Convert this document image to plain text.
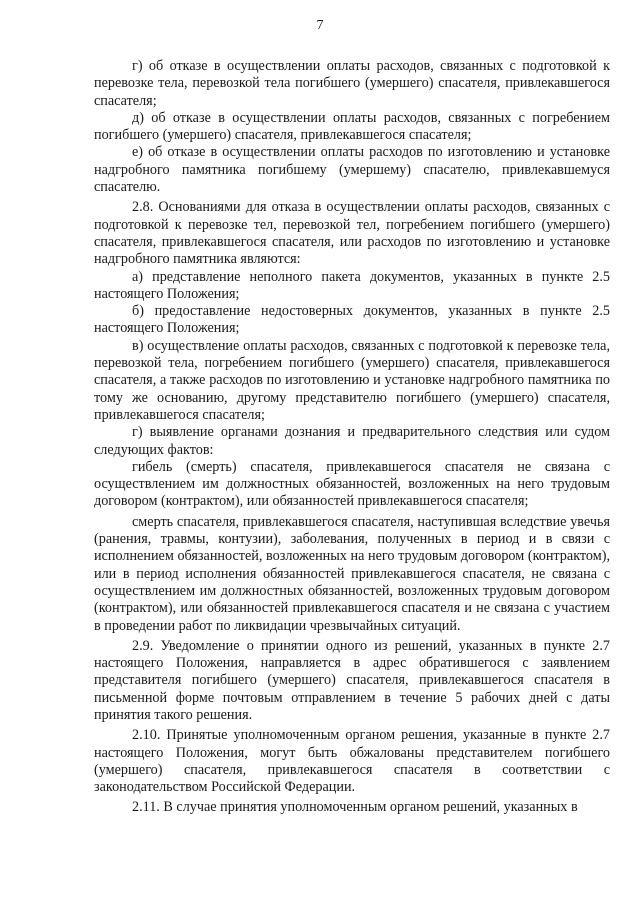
7

г) об отказе в осуществлении оплаты расходов, связанных с подготовкой к перевозке тела, перевозкой тела погибшего (умершего) спасателя, привлекавшегося спасателя;

д) об отказе в осуществлении оплаты расходов, связанных с погребением погибшего (умершего) спасателя, привлекавшегося спасателя;

е) об отказе в осуществлении оплаты расходов по изготовлению и установке надгробного памятника погибшему (умершему) спасателю, привлекавшемуся спасателю.

2.8. Основаниями для отказа в осуществлении оплаты расходов, связанных с подготовкой к перевозке тел, перевозкой тел, погребением погибшего (умершего) спасателя, привлекавшегося спасателя, или расходов по изготовлению и установке надгробного памятника являются:

а) представление неполного пакета документов, указанных в пункте 2.5 настоящего Положения;

б) предоставление недостоверных документов, указанных в пункте 2.5 настоящего Положения;

в) осуществление оплаты расходов, связанных с подготовкой к перевозке тела, перевозкой тела, погребением погибшего (умершего) спасателя, привлекавшегося спасателя, а также расходов по изготовлению и установке надгробного памятника по тому же основанию, другому представителю погибшего (умершего) спасателя, привлекавшегося спасателя;

г) выявление органами дознания и предварительного следствия или судом следующих фактов:

гибель (смерть) спасателя, привлекавшегося спасателя не связана с осуществлением им должностных обязанностей, возложенных на него трудовым договором (контрактом), или обязанностей привлекавшегося спасателя;

смерть спасателя, привлекавшегося спасателя, наступившая вследствие увечья (ранения, травмы, контузии), заболевания, полученных в период и в связи с исполнением обязанностей, возложенных на него трудовым договором (контрактом), или в период исполнения обязанностей привлекавшегося спасателя, не связана с осуществлением им должностных обязанностей, возложенных трудовым договором (контрактом), или обязанностей привлекавшегося спасателя и не связана с участием в проведении работ по ликвидации чрезвычайных ситуаций.

2.9. Уведомление о принятии одного из решений, указанных в пункте 2.7 настоящего Положения, направляется в адрес обратившегося с заявлением представителя погибшего (умершего) спасателя, привлекавшегося спасателя в письменной форме почтовым отправлением в течение 5 рабочих дней с даты принятия такого решения.

2.10. Принятые уполномоченным органом решения, указанные в пункте 2.7 настоящего Положения, могут быть обжалованы представителем погибшего (умершего) спасателя, привлекавшегося спасателя в соответствии с законодательством Российской Федерации.

2.11. В случае принятия уполномоченным органом решений, указанных в
